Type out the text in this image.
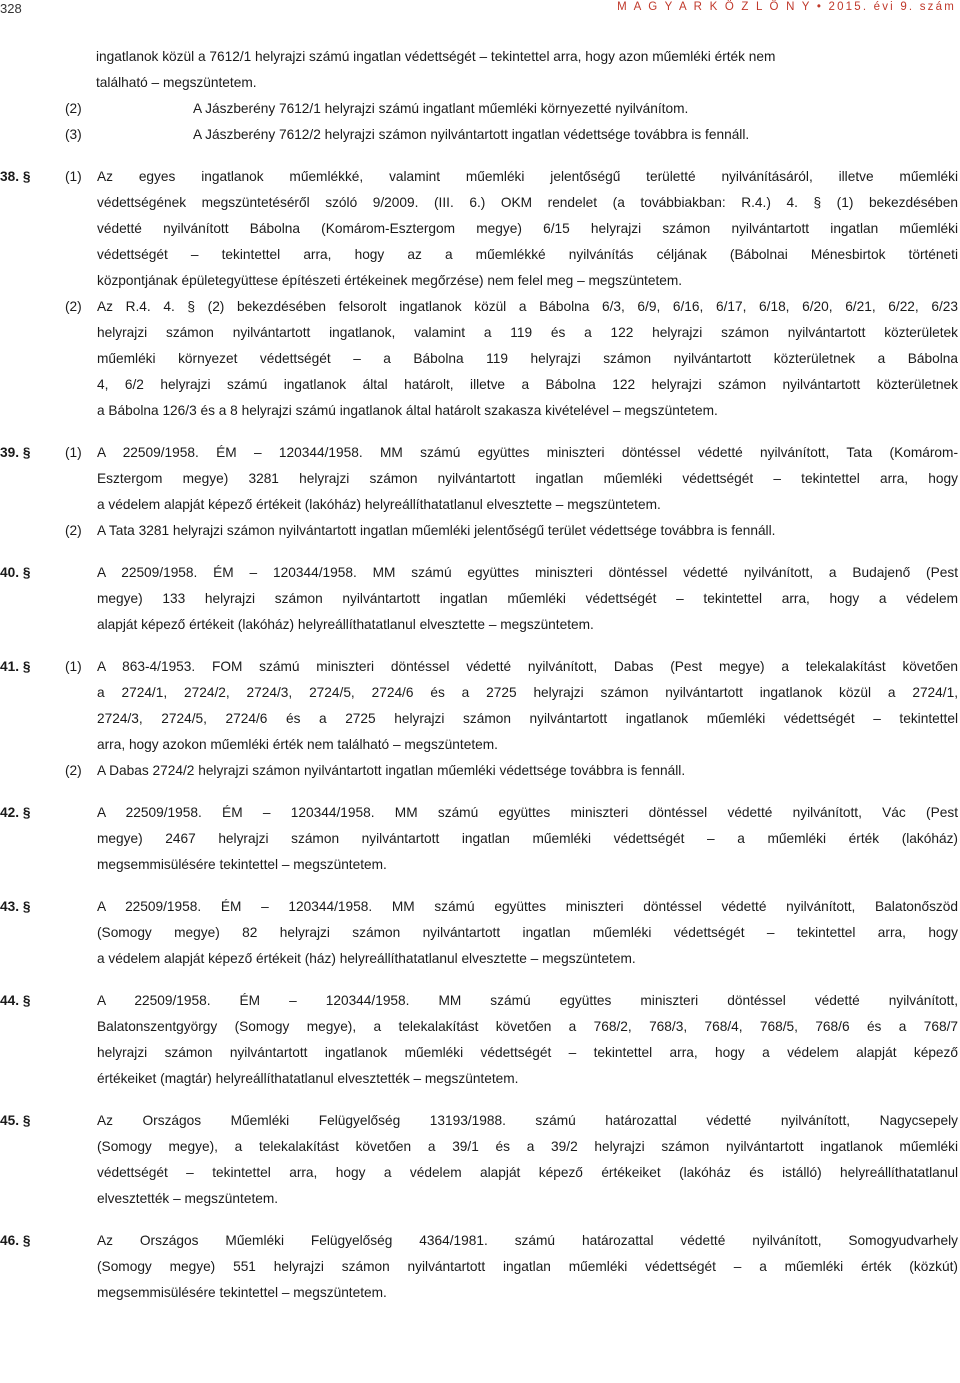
328	M A G Y A R K Ö Z L Ö N Y • 2015. évi 9. szám
ingatlanok közül a 7612/1 helyrajzi számú ingatlan védettségét – tekintettel arra, hogy azon műemléki érték nem
található – megszüntetem.
(2)	A Jászberény 7612/1 helyrajzi számú ingatlant műemléki környezetté nyilvánítom.
(3)	A Jászberény 7612/2 helyrajzi számon nyilvántartott ingatlan védettsége továbbra is fennáll.
38. §	(1)	Az egyes ingatlanok műemlékké, valamint műemléki jelentőségű területté nyilvánításáról, illetve műemléki
védettségének megszüntetéséről szóló 9/2009. (III. 6.) OKM rendelet (a továbbiakban: R.4.) 4. § (1) bekezdésében
védetté nyilvánított Bábolna (Komárom-Esztergom megye) 6/15 helyrajzi számon nyilvántartott ingatlan műemléki
védettségét – tekintettel arra, hogy az a műemlékké nyilvánítás céljának (Bábolnai Ménesbirtok történeti
központjának épületegyüttese építészeti értékeinek megőrzése) nem felel meg – megszüntetem.
(2)	Az R.4. 4. § (2) bekezdésében felsorolt ingatlanok közül a Bábolna 6/3, 6/9, 6/16, 6/17, 6/18, 6/20, 6/21, 6/22, 6/23
helyrajzi számon nyilvántartott ingatlanok, valamint a 119 és a 122 helyrajzi számon nyilvántartott közterületek
műemléki környezet védettségét – a Bábolna 119 helyrajzi számon nyilvántartott közterületnek a Bábolna
4, 6/2 helyrajzi számú ingatlanok által határolt, illetve a Bábolna 122 helyrajzi számon nyilvántartott közterületnek
a Bábolna 126/3 és a 8 helyrajzi számú ingatlanok által határolt szakasza kivételével – megszüntetem.
39. §	(1)	A 22509/1958. ÉM – 120344/1958. MM számú együttes miniszteri döntéssel védetté nyilvánított, Tata (Komárom-
Esztergom megye) 3281 helyrajzi számon nyilvántartott ingatlan műemléki védettségét – tekintettel arra, hogy
a védelem alapját képező értékeit (lakóház) helyreállíthatatlanul elvesztette – megszüntetem.
(2)	A Tata 3281 helyrajzi számon nyilvántartott ingatlan műemléki jelentőségű terület védettsége továbbra is fennáll.
40. §	A 22509/1958. ÉM – 120344/1958. MM számú együttes miniszteri döntéssel védetté nyilvánított, a Budajenő (Pest
megye) 133 helyrajzi számon nyilvántartott ingatlan műemléki védettségét – tekintettel arra, hogy a védelem
alapját képező értékeit (lakóház) helyreállíthatatlanul elvesztette – megszüntetem.
41. §	(1)	A 863-4/1953. FOM számú miniszteri döntéssel védetté nyilvánított, Dabas (Pest megye) a telekalakítást követően
a 2724/1, 2724/2, 2724/3, 2724/5, 2724/6 és a 2725 helyrajzi számon nyilvántartott ingatlanok közül a 2724/1,
2724/3, 2724/5, 2724/6 és a 2725 helyrajzi számon nyilvántartott ingatlanok műemléki védettségét – tekintettel
arra, hogy azokon műemléki érték nem található – megszüntetem.
(2)	A Dabas 2724/2 helyrajzi számon nyilvántartott ingatlan műemléki védettsége továbbra is fennáll.
42. §	A 22509/1958. ÉM – 120344/1958. MM számú együttes miniszteri döntéssel védetté nyilvánított, Vác (Pest
megye) 2467 helyrajzi számon nyilvántartott ingatlan műemléki védettségét – a műemléki érték (lakóház)
megsemmisülésére tekintettel – megszüntetem.
43. §	A 22509/1958. ÉM – 120344/1958. MM számú együttes miniszteri döntéssel védetté nyilvánított, Balatonőszöd
(Somogy megye) 82 helyrajzi számon nyilvántartott ingatlan műemléki védettségét – tekintettel arra, hogy
a védelem alapját képező értékeit (ház) helyreállíthatatlanul elvesztette – megszüntetem.
44. §	A 22509/1958. ÉM – 120344/1958. MM számú együttes miniszteri döntéssel védetté nyilvánított,
Balatonszentgyörgy (Somogy megye), a telekalakítást követően a 768/2, 768/3, 768/4, 768/5, 768/6 és a 768/7
helyrajzi számon nyilvántartott ingatlanok műemléki védettségét – tekintettel arra, hogy a védelem alapját képező
értékeiket (magtár) helyreállíthatatlanul elvesztették – megszüntetem.
45. §	Az Országos Műemléki Felügyelőség 13193/1988. számú határozattal védetté nyilvánított, Nagycsepely
(Somogy megye), a telekalakítást követően a 39/1 és a 39/2 helyrajzi számon nyilvántartott ingatlanok műemléki
védettségét – tekintettel arra, hogy a védelem alapját képező értékeiket (lakóház és istálló) helyreállíthatatlanul
elvesztették – megszüntetem.
46. §	Az Országos Műemléki Felügyelőség 4364/1981. számú határozattal védetté nyilvánított, Somogyudvarhely
(Somogy megye) 551 helyrajzi számon nyilvántartott ingatlan műemléki védettségét – a műemléki érték (közkút)
megsemmisülésére tekintettel – megszüntetem.
